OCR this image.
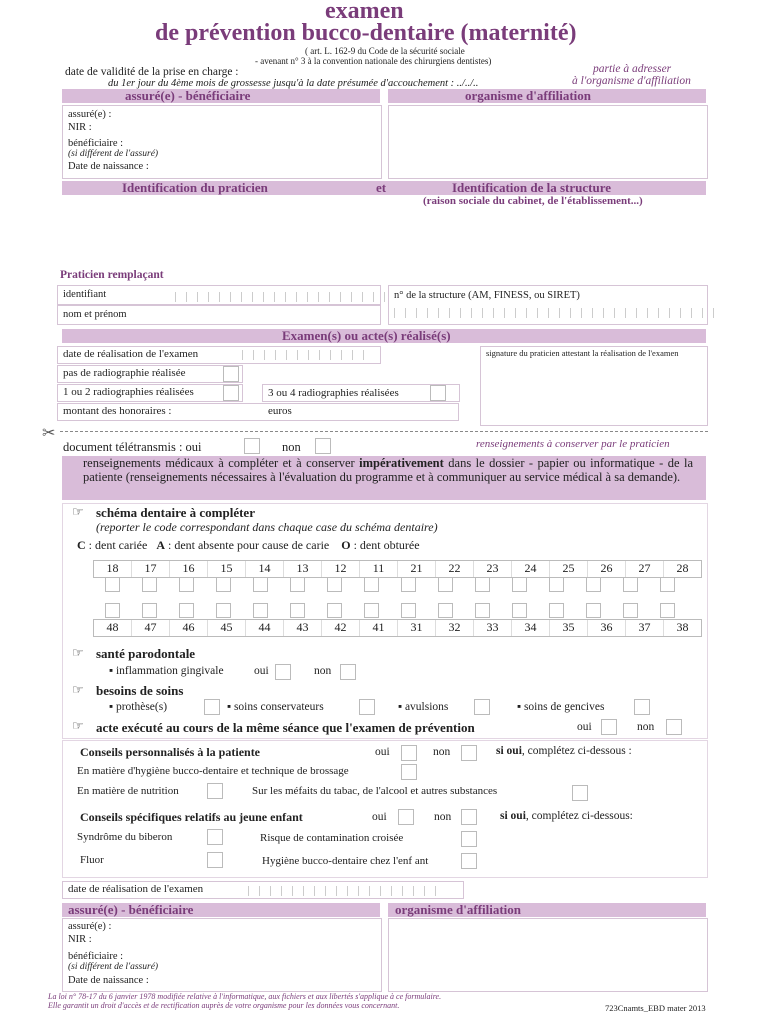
examen
de prévention bucco-dentaire (maternité)
( art. L. 162-9 du Code de la sécurité sociale
- avenant n° 3 à la convention nationale des chirurgiens dentistes)
date de validité de la prise en charge :
du 1er jour du 4ème mois de grossesse jusqu'à la date présumée d'accouchement : ../../..
partie à adresser
à l'organisme d'affiliation
assuré(e) - bénéficiaire	organisme d'affiliation
assuré(e) :
NIR :
bénéficiaire :
(si différent de l'assuré)
Date de naissance :
Identification du praticien	et	Identification de la structure
(raison sociale du cabinet, de l'établissement...)
Praticien remplaçant
identifiant
nom et prénom
n° de la structure (AM, FINESS, ou SIRET)
Examen(s) ou acte(s) réalisé(s)
date de réalisation de l'examen
pas de radiographie réalisée
1 ou 2 radiographies réalisées	3 ou 4 radiographies réalisées
montant des honoraires :	euros
signature du praticien attestant la réalisation de l'examen
✂
document télétransmis : oui	non	renseignements à conserver par le praticien
renseignements médicaux à compléter et à conserver impérativement dans le dossier - papier ou informatique - de la patiente (renseignements nécessaires à l'évaluation du programme et à communiquer au service médical à sa demande).
☞ schéma dentaire à compléter
(reporter le code correspondant dans chaque case du schéma dentaire)
C : dent cariée A : dent absente pour cause de carie O : dent obturée
18	17	16	15	14	13	12	11	21	22	23	24	25	26	27	28
48	47	46	45	44	43	42	41	31	32	33	34	35	36	37	38
☞ santé parodontale
▪ inflammation gingivale	oui	non
☞ besoins de soins
▪ prothèse(s)	▪ soins conservateurs	▪ avulsions	▪ soins de gencives
☞ acte exécuté au cours de la même séance que l'examen de prévention	oui	non
Conseils personnalisés à la patiente	oui	non	si oui, complétez ci-dessous :
En matière d'hygiène bucco-dentaire et technique de brossage
En matière de nutrition	Sur les méfaits du tabac, de l'alcool et autres substances
Conseils spécifiques relatifs au jeune enfant	oui	non	si oui, complétez ci-dessous:
Syndrôme du biberon	Risque de contamination croisée
Fluor	Hygiène bucco-dentaire chez l'enf ant
date de réalisation de l'examen
assuré(e) - bénéficiaire	organisme d'affiliation
assuré(e) :
NIR :
bénéficiaire :
(si différent de l'assuré)
Date de naissance :
La loi n° 78-17 du 6 janvier 1978 modifiée relative à l'informatique, aux fichiers et aux libertés s'applique à ce formulaire.
Elle garantit un droit d'accès et de rectification auprès de votre organisme pour les données vous concernant.	723Cnamts_EBD mater 2013
